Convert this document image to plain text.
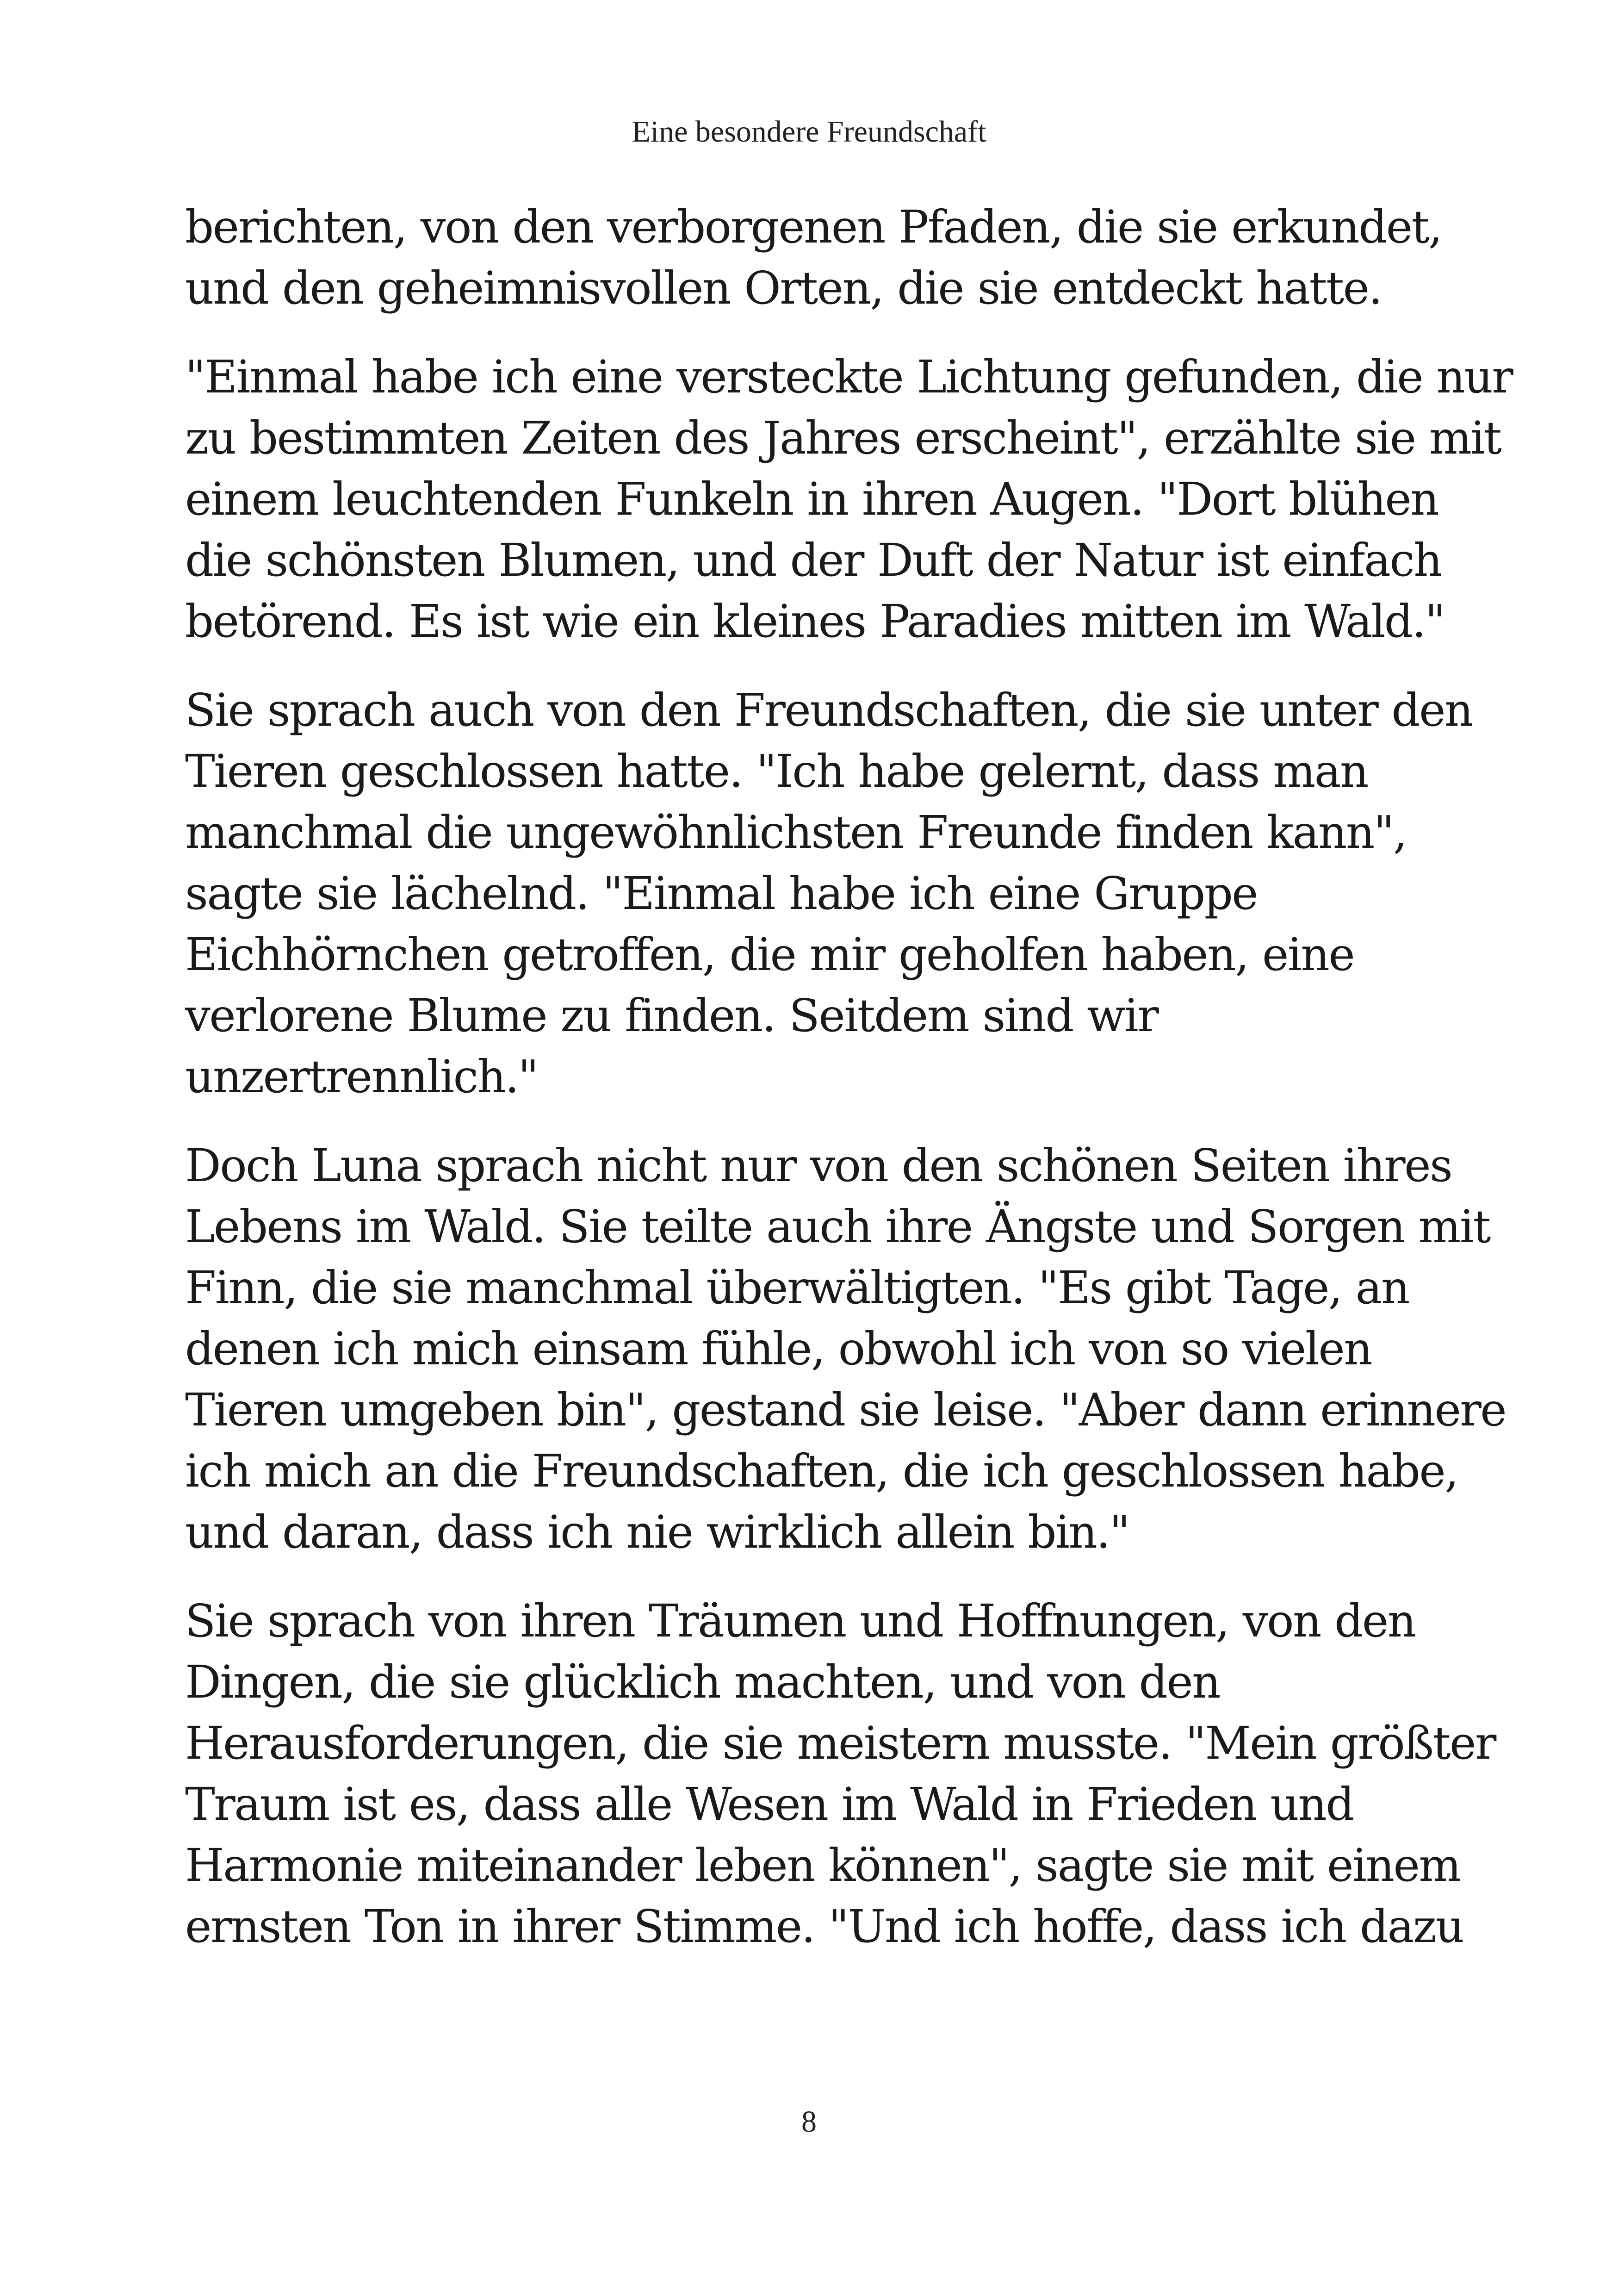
Eine besondere Freundschaft

berichten, von den verborgenen Pfaden, die sie erkundet,
und den geheimnisvollen Orten, die sie entdeckt hatte.

"Einmal habe ich eine versteckte Lichtung gefunden, die nur
zu bestimmten Zeiten des Jahres erscheint", erzählte sie mit
einem leuchtenden Funkeln in ihren Augen. "Dort blühen
die schönsten Blumen, und der Duft der Natur ist einfach
betörend. Es ist wie ein kleines Paradies mitten im Wald."

Sie sprach auch von den Freundschaften, die sie unter den
Tieren geschlossen hatte. "Ich habe gelernt, dass man
manchmal die ungewöhnlichsten Freunde finden kann",
sagte sie lächelnd. "Einmal habe ich eine Gruppe
Eichhörnchen getroffen, die mir geholfen haben, eine
verlorene Blume zu finden. Seitdem sind wir
unzertrennlich."

Doch Luna sprach nicht nur von den schönen Seiten ihres
Lebens im Wald. Sie teilte auch ihre Ängste und Sorgen mit
Finn, die sie manchmal überwältigten. "Es gibt Tage, an
denen ich mich einsam fühle, obwohl ich von so vielen
Tieren umgeben bin", gestand sie leise. "Aber dann erinnere
ich mich an die Freundschaften, die ich geschlossen habe,
und daran, dass ich nie wirklich allein bin."

Sie sprach von ihren Träumen und Hoffnungen, von den
Dingen, die sie glücklich machten, und von den
Herausforderungen, die sie meistern musste. "Mein größter
Traum ist es, dass alle Wesen im Wald in Frieden und
Harmonie miteinander leben können", sagte sie mit einem
ernsten Ton in ihrer Stimme. "Und ich hoffe, dass ich dazu

8
